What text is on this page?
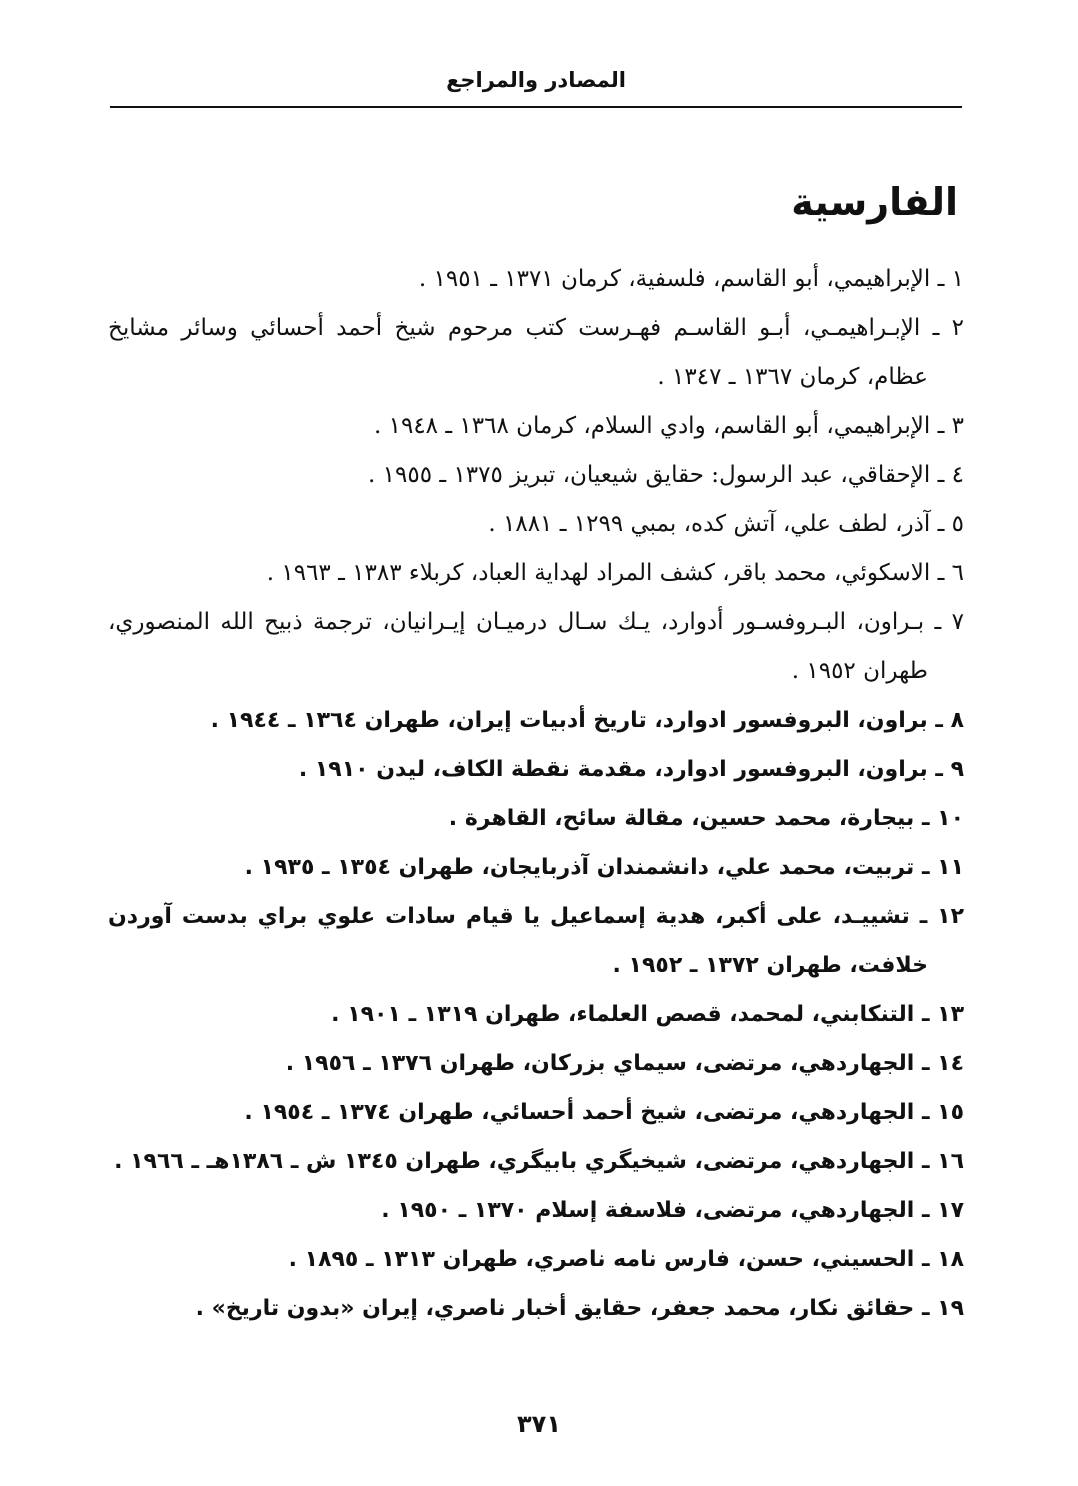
المصادر والمراجع
الفارسية
١ ـ الإبراهيمي، أبو القاسم، فلسفية، كرمان ١٣٧١ ـ ١٩٥١ .
٢ ـ الإبـراهيمـي، أبـو القاسـم فهـرست كتب مرحوم شيخ أحمد أحسائي وسائر مشايخ عظام، كرمان ١٣٦٧ ـ ١٣٤٧ .
٣ ـ الإبراهيمي، أبو القاسم، وادي السلام، كرمان ١٣٦٨ ـ ١٩٤٨ .
٤ ـ الإحقاقي، عبد الرسول: حقايق شيعيان، تبريز ١٣٧٥ ـ ١٩٥٥ .
٥ ـ آذر، لطف علي، آتش كده، بمبي ١٢٩٩ ـ ١٨٨١ .
٦ ـ الاسكوئي، محمد باقر، كشف المراد لهداية العباد، كربلاء ١٣٨٣ ـ ١٩٦٣ .
٧ ـ بـراون، البـروفسـور أدوارد، يـك سـال درميـان إيـرانيان، ترجمة ذبيح الله المنصوري، طهران ١٩٥٢ .
٨ ـ براون، البروفسور ادوارد، تاريخ أدبيات إيران، طهران ١٣٦٤ ـ ١٩٤٤ .
٩ ـ براون، البروفسور ادوارد، مقدمة نقطة الكاف، ليدن ١٩١٠ .
١٠ ـ بيجارة، محمد حسين، مقالة سائح، القاهرة .
١١ ـ تربيت، محمد علي، دانشمندان آذربايجان، طهران ١٣٥٤ ـ ١٩٣٥ .
١٢ ـ تشييـد، على أكبر، هدية إسماعيل يا قيام سادات علوي براي بدست آوردن خلافت، طهران ١٣٧٢ ـ ١٩٥٢ .
١٣ ـ التنكابني، لمحمد، قصص العلماء، طهران ١٣١٩ ـ ١٩٠١ .
١٤ ـ الجهاردهي، مرتضى، سيماي بزركان، طهران ١٣٧٦ ـ ١٩٥٦ .
١٥ ـ الجهاردهي، مرتضى، شيخ أحمد أحسائي، طهران ١٣٧٤ ـ ١٩٥٤ .
١٦ ـ الجهاردهي، مرتضى، شيخيگري بابيگري، طهران ١٣٤٥ ش ـ ١٣٨٦هـ ـ ١٩٦٦ .
١٧ ـ الجهاردهي، مرتضى، فلاسفة إسلام ١٣٧٠ ـ ١٩٥٠ .
١٨ ـ الحسيني، حسن، فارس نامه ناصري، طهران ١٣١٣ ـ ١٨٩٥ .
١٩ ـ حقائق نكار، محمد جعفر، حقايق أخبار ناصري، إيران «بدون تاريخ» .
٣٧١
